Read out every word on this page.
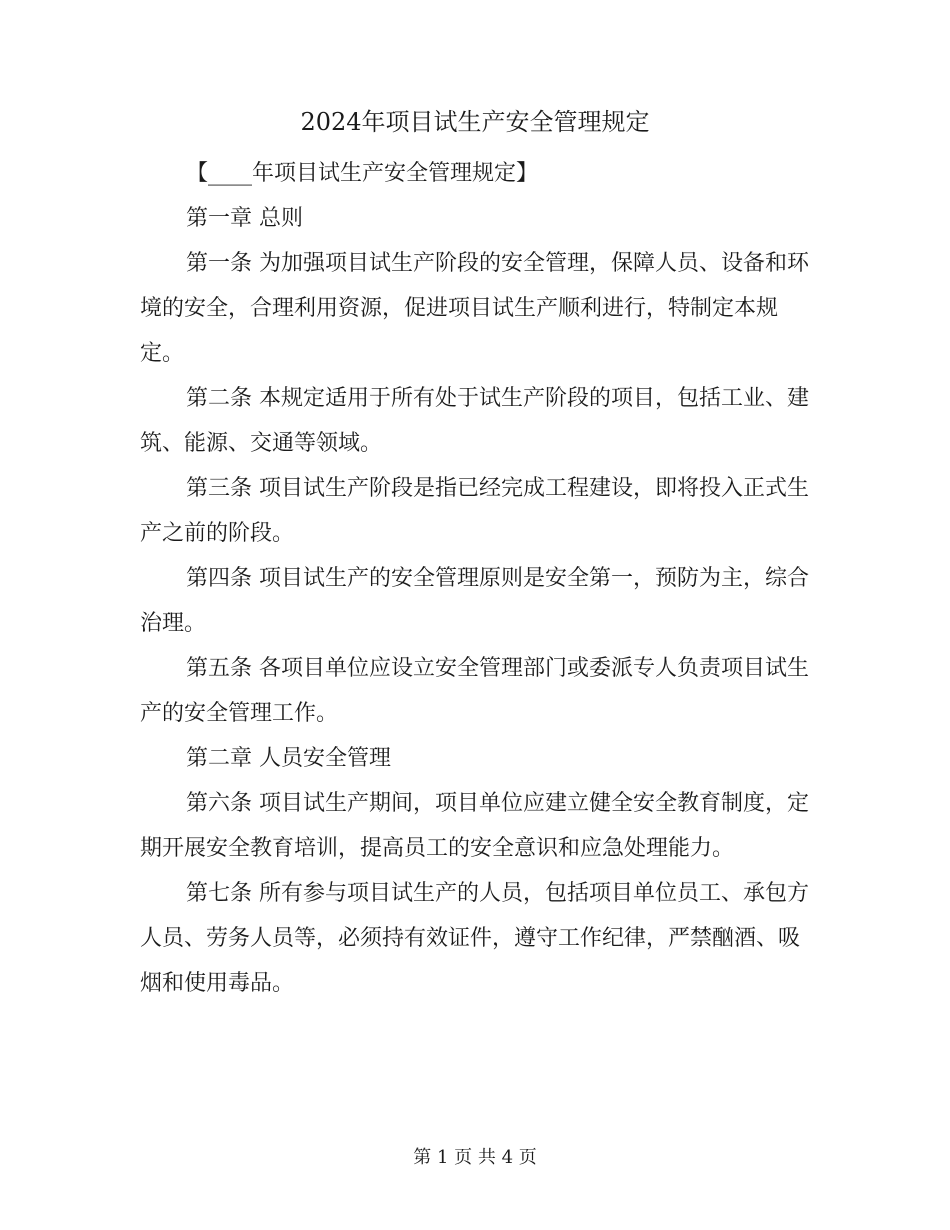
2024年项目试生产安全管理规定

【____年项目试生产安全管理规定】

第一章 总则

第一条 为加强项目试生产阶段的安全管理，保障人员、设备和环境的安全，合理利用资源，促进项目试生产顺利进行，特制定本规定。

第二条 本规定适用于所有处于试生产阶段的项目，包括工业、建筑、能源、交通等领域。

第三条 项目试生产阶段是指已经完成工程建设，即将投入正式生产之前的阶段。

第四条 项目试生产的安全管理原则是安全第一，预防为主，综合治理。

第五条 各项目单位应设立安全管理部门或委派专人负责项目试生产的安全管理工作。

第二章 人员安全管理

第六条 项目试生产期间，项目单位应建立健全安全教育制度，定期开展安全教育培训，提高员工的安全意识和应急处理能力。

第七条 所有参与项目试生产的人员，包括项目单位员工、承包方人员、劳务人员等，必须持有效证件，遵守工作纪律，严禁酗酒、吸烟和使用毒品。

第 1 页 共 4 页
